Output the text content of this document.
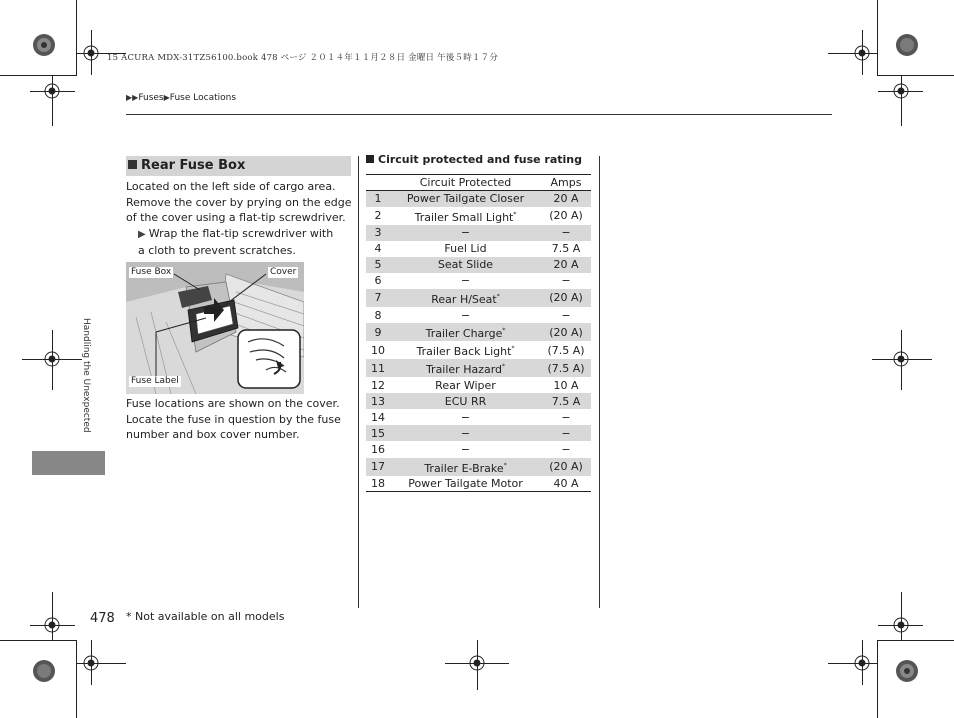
15 ACURA MDX-31TZ56100.book 478 ページ ２０１４年１１月２８日 金曜日 午後５時１７分
▶▶Fuses▶Fuse Locations
Handling the Unexpected
Rear Fuse Box
Located on the left side of cargo area. Remove the cover by prying on the edge of the cover using a flat-tip screwdriver.
▶ Wrap the flat-tip screwdriver with a cloth to prevent scratches.
Fuse Box	Cover
Fuse Label
Fuse locations are shown on the cover. Locate the fuse in question by the fuse number and box cover number.
Circuit protected and fuse rating
	Circuit Protected	Amps
1	Power Tailgate Closer	20 A
2	Trailer Small Light*	(20 A)
3	−	−
4	Fuel Lid	7.5 A
5	Seat Slide	20 A
6	−	−
7	Rear H/Seat*	(20 A)
8	−	−
9	Trailer Charge*	(20 A)
10	Trailer Back Light*	(7.5 A)
11	Trailer Hazard*	(7.5 A)
12	Rear Wiper	10 A
13	ECU RR	7.5 A
14	−	−
15	−	−
16	−	−
17	Trailer E-Brake*	(20 A)
18	Power Tailgate Motor	40 A
478 * Not available on all models
